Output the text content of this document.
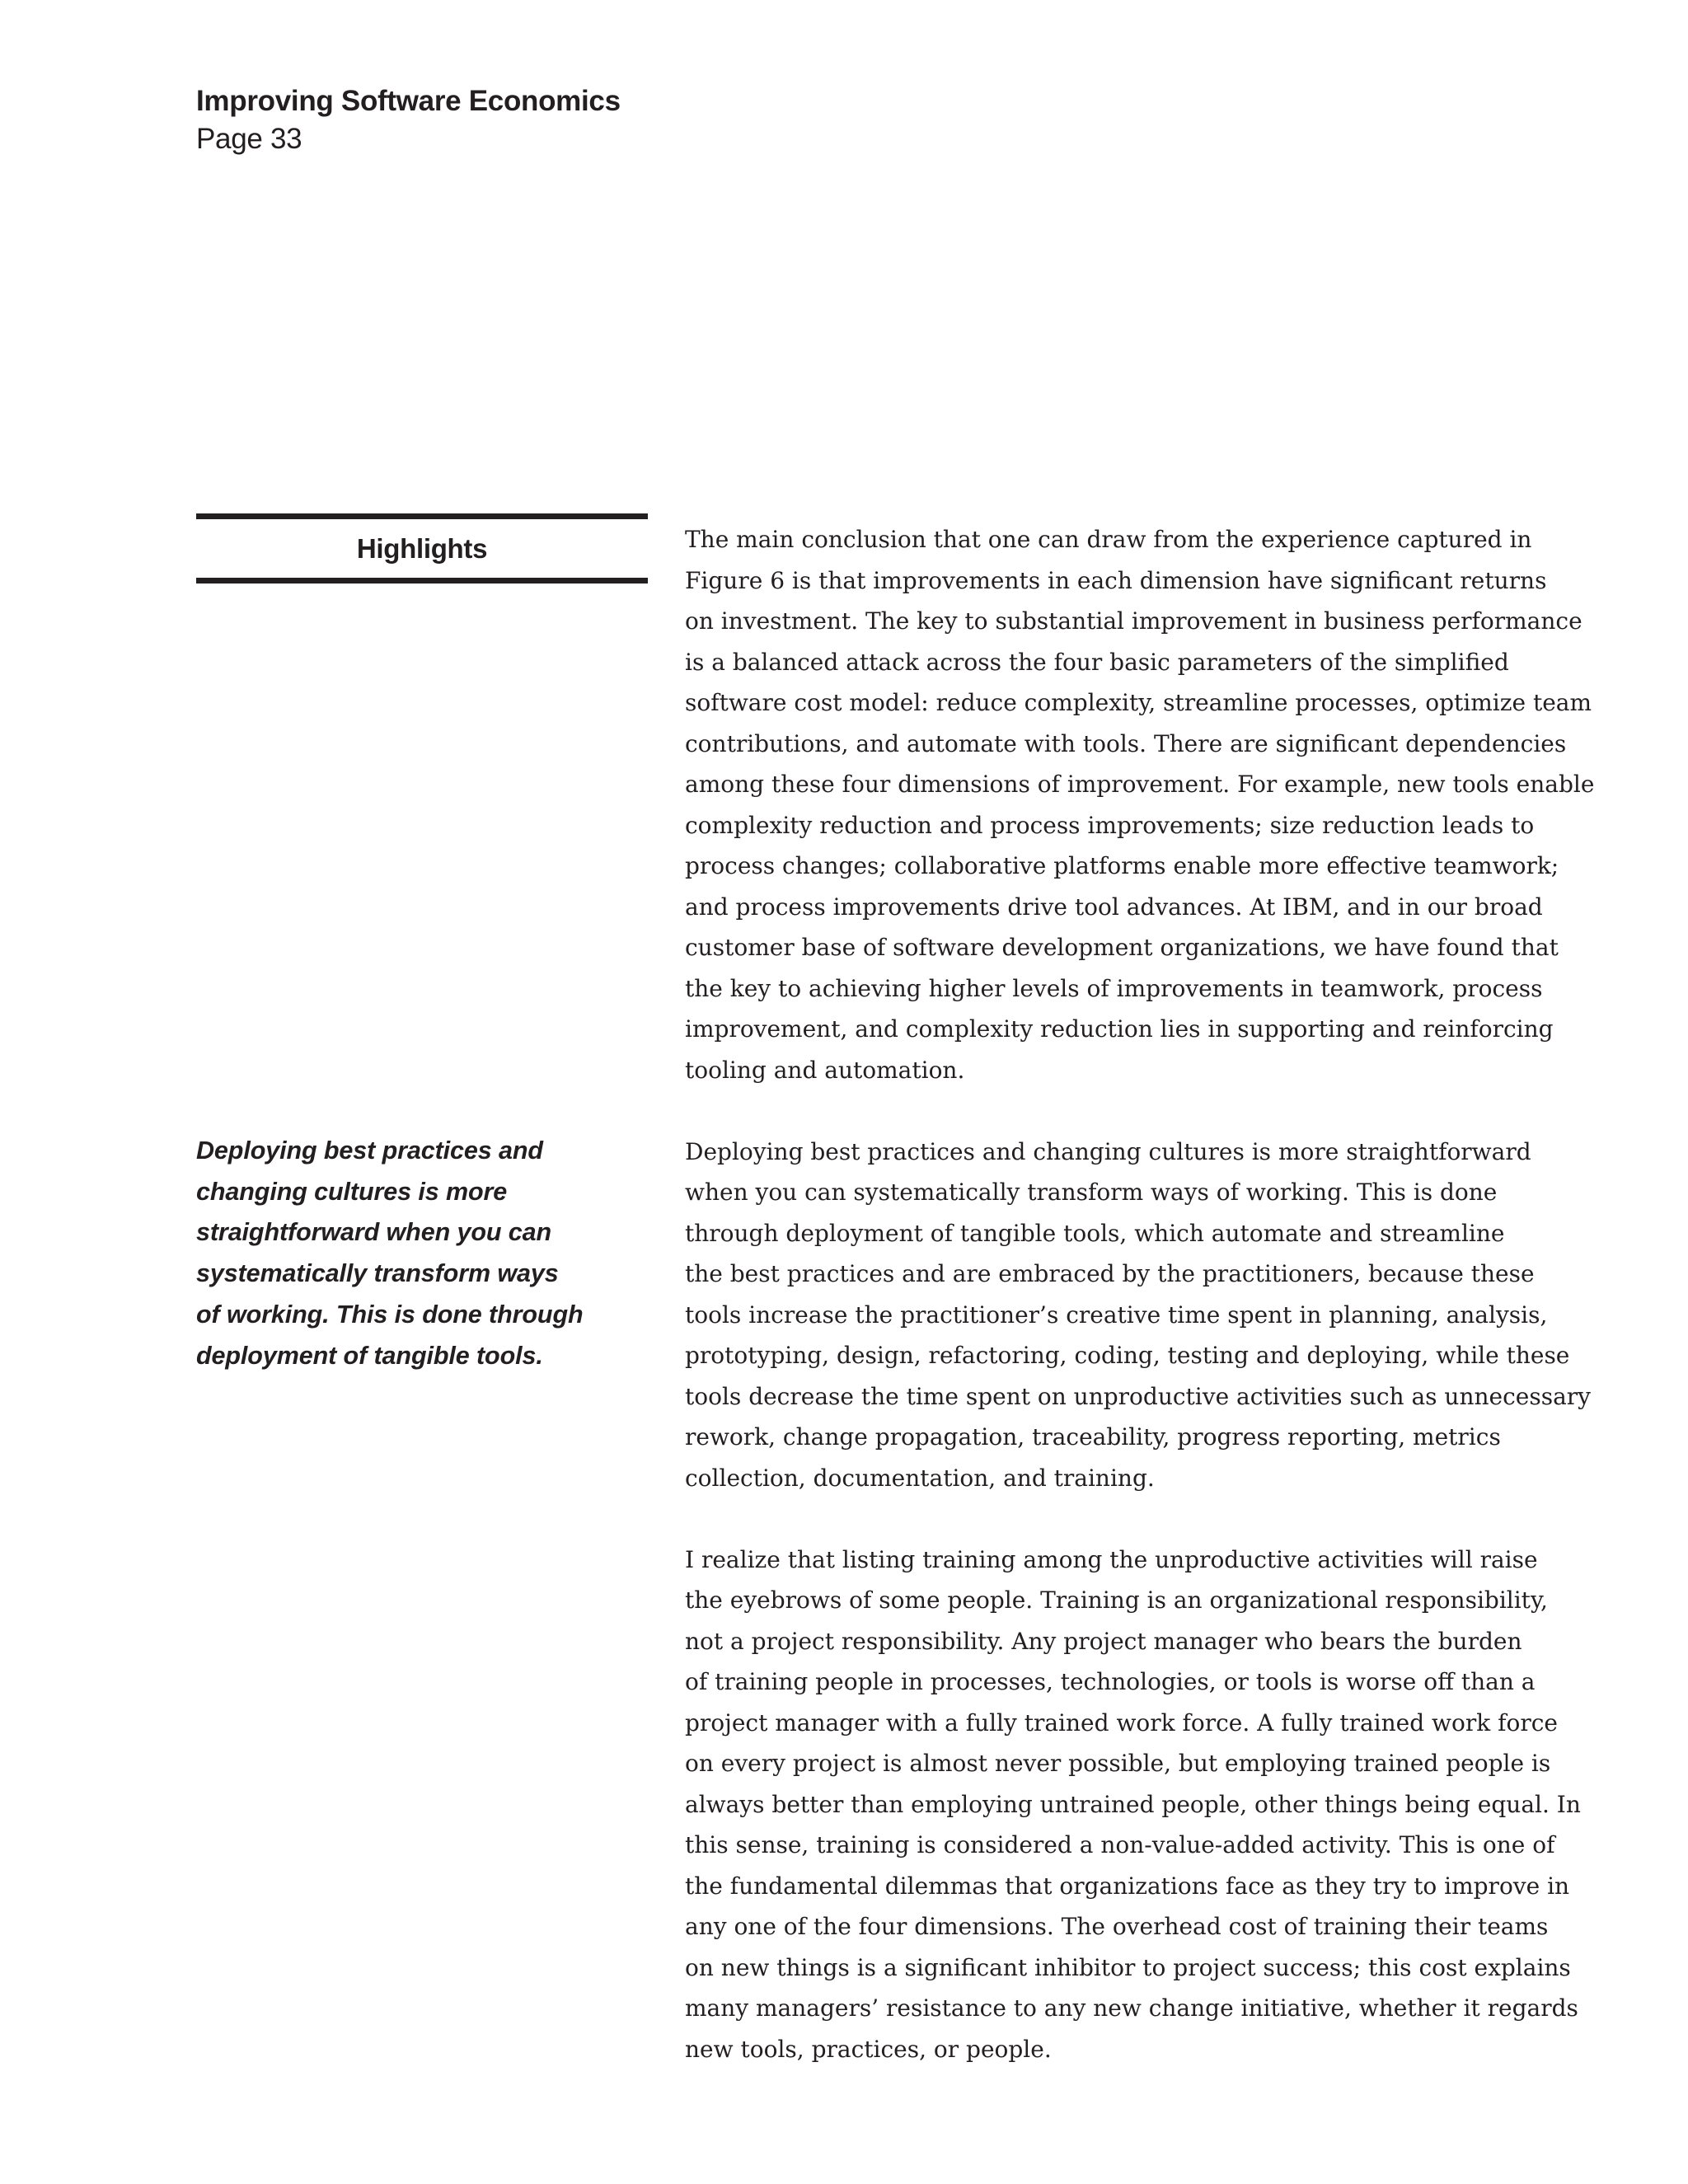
Improving Software Economics
Page 33
Highlights

Deploying best practices and
changing cultures is more
straightforward when you can
systematically transform ways
of working. This is done through
deployment of tangible tools.

The main conclusion that one can draw from the experience captured in
Figure 6 is that improvements in each dimension have significant returns
on investment. The key to substantial improvement in business performance
is a balanced attack across the four basic parameters of the simplified
software cost model: reduce complexity, streamline processes, optimize team
contributions, and automate with tools. There are significant dependencies
among these four dimensions of improvement. For example, new tools enable
complexity reduction and process improvements; size reduction leads to
process changes; collaborative platforms enable more effective teamwork;
and process improvements drive tool advances. At IBM, and in our broad
customer base of software development organizations, we have found that
the key to achieving higher levels of improvements in teamwork, process
improvement, and complexity reduction lies in supporting and reinforcing
tooling and automation.

Deploying best practices and changing cultures is more straightforward
when you can systematically transform ways of working. This is done
through deployment of tangible tools, which automate and streamline
the best practices and are embraced by the practitioners, because these
tools increase the practitioner’s creative time spent in planning, analysis,
prototyping, design, refactoring, coding, testing and deploying, while these
tools decrease the time spent on unproductive activities such as unnecessary
rework, change propagation, traceability, progress reporting, metrics
collection, documentation, and training.

I realize that listing training among the unproductive activities will raise
the eyebrows of some people. Training is an organizational responsibility,
not a project responsibility. Any project manager who bears the burden
of training people in processes, technologies, or tools is worse off than a
project manager with a fully trained work force. A fully trained work force
on every project is almost never possible, but employing trained people is
always better than employing untrained people, other things being equal. In
this sense, training is considered a non-value-added activity. This is one of
the fundamental dilemmas that organizations face as they try to improve in
any one of the four dimensions. The overhead cost of training their teams
on new things is a significant inhibitor to project success; this cost explains
many managers’ resistance to any new change initiative, whether it regards
new tools, practices, or people.
